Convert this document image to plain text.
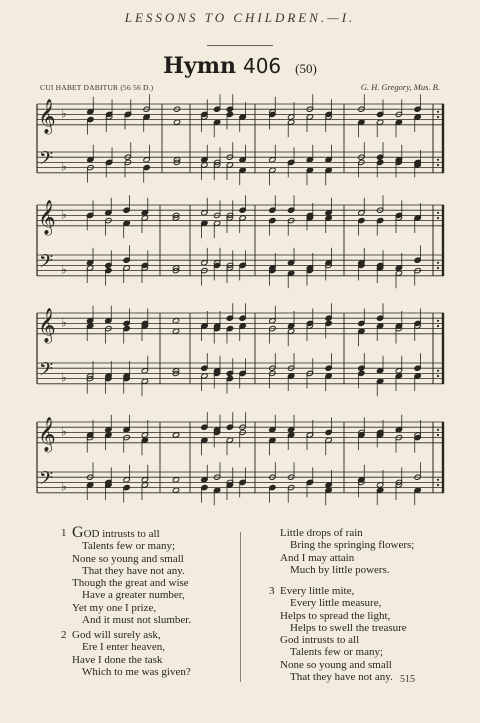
LESSONS TO CHILDREN.—I.
Hymn 406 (50)
CUI HABET DABITUR (56 56 D.)	G. H. Gregory, Mus. B.
𝄞
𝄢
♭
♭
𝄞
𝄢
♭
♭
𝄞
𝄢
♭
♭
𝄞
𝄢
♭
♭
1 GOD intrusts to all
Talents few or many;
None so young and small
That they have not any.
Though the great and wise
Have a greater number,
Yet my one I prize,
And it must not slumber.
2 God will surely ask,
Ere I enter heaven,
Have I done the task
Which to me was given?
Little drops of rain
Bring the springing flowers;
And I may attain
Much by little powers.
3 Every little mite,
Every little measure,
Helps to spread the light,
Helps to swell the treasure
God intrusts to all
Talents few or many;
None so young and small
That they have not any. 515
